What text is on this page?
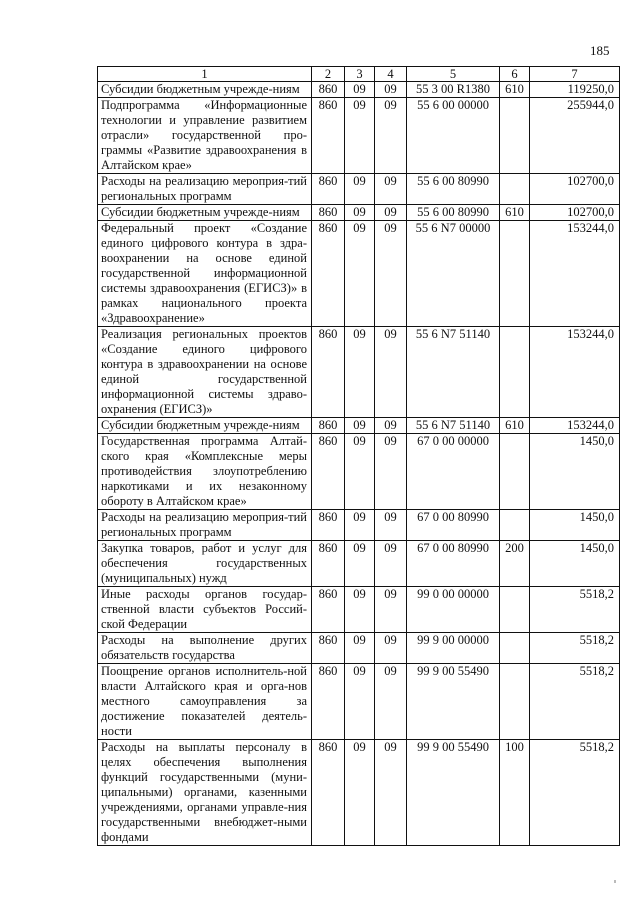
185
1	2	3	4	5	6	7
Субсидии бюджетным учрежде-ниям	860	09	09	55 3 00 R1380	610	119250,0
Подпрограмма «Информационные технологии и управление развитием отрасли» государственной про-граммы «Развитие здравоохранения в Алтайском крае»	860	09	09	55 6 00 00000		255944,0
Расходы на реализацию мероприя-тий региональных программ	860	09	09	55 6 00 80990		102700,0
Субсидии бюджетным учрежде-ниям	860	09	09	55 6 00 80990	610	102700,0
Федеральный проект «Создание единого цифрового контура в здра-воохранении на основе единой государственной информационной системы здравоохранения (ЕГИСЗ)» в рамках национального проекта «Здравоохранение»	860	09	09	55 6 N7 00000		153244,0
Реализация региональных проектов «Создание единого цифрового контура в здравоохранении на основе единой государственной информационной системы здраво-охранения (ЕГИСЗ)»	860	09	09	55 6 N7 51140		153244,0
Субсидии бюджетным учрежде-ниям	860	09	09	55 6 N7 51140	610	153244,0
Государственная программа Алтай-ского края «Комплексные меры противодействия злоупотреблению наркотиками и их незаконному обороту в Алтайском крае»	860	09	09	67 0 00 00000		1450,0
Расходы на реализацию мероприя-тий региональных программ	860	09	09	67 0 00 80990		1450,0
Закупка товаров, работ и услуг для обеспечения государственных (муниципальных) нужд	860	09	09	67 0 00 80990	200	1450,0
Иные расходы органов государ-ственной власти субъектов Россий-ской Федерации	860	09	09	99 0 00 00000		5518,2
Расходы на выполнение других обязательств государства	860	09	09	99 9 00 00000		5518,2
Поощрение органов исполнитель-ной власти Алтайского края и орга-нов местного самоуправления за достижение показателей деятель-ности	860	09	09	99 9 00 55490		5518,2
Расходы на выплаты персоналу в целях обеспечения выполнения функций государственными (муни-ципальными) органами, казенными учреждениями, органами управле-ния государственными внебюджет-ными фондами	860	09	09	99 9 00 55490	100	5518,2
